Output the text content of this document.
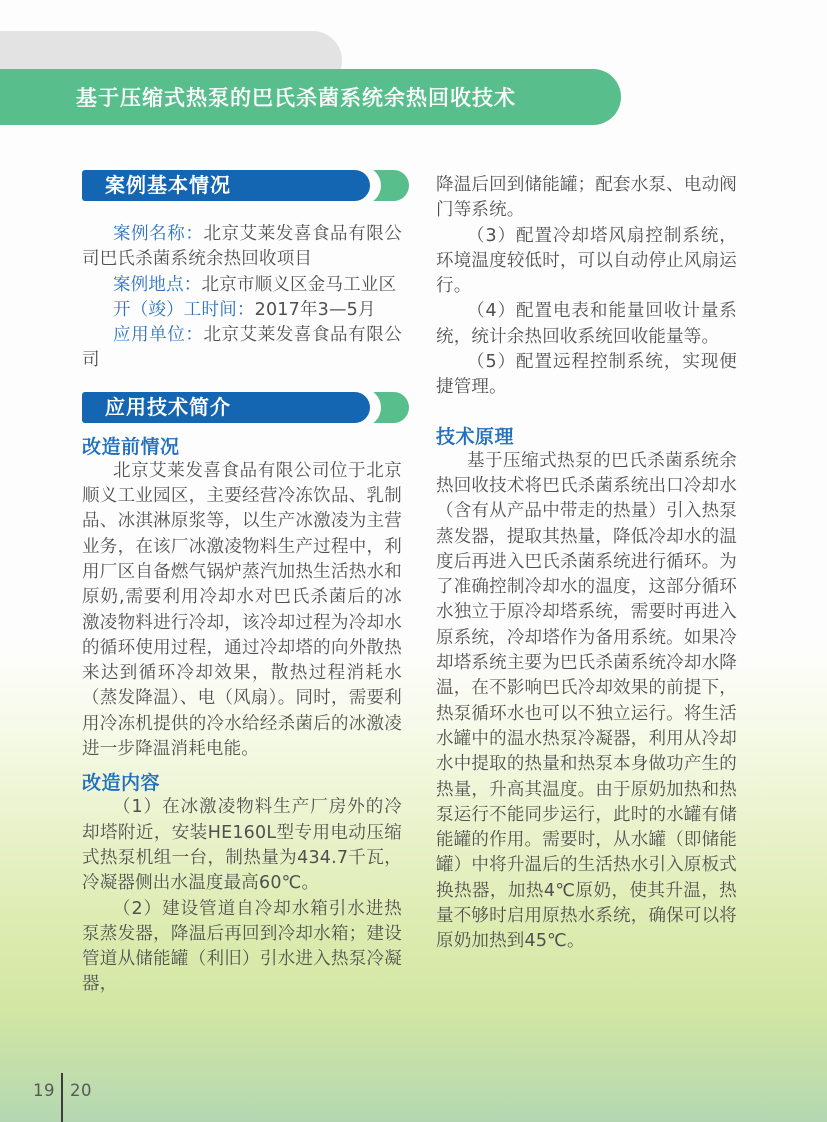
基于压缩式热泵的巴氏杀菌系统余热回收技术
案例基本情况

案例名称：北京艾莱发喜食品有限公司巴氏杀菌系统余热回收项目

案例地点：北京市顺义区金马工业区

开（竣）工时间：2017年3—5月

应用单位：北京艾莱发喜食品有限公司

应用技术简介
改造前情况

北京艾莱发喜食品有限公司位于北京顺义工业园区，主要经营冷冻饮品、乳制品、冰淇淋原浆等，以生产冰激凌为主营业务，在该厂冰激凌物料生产过程中，利用厂区自备燃气锅炉蒸汽加热生活热水和原奶,需要利用冷却水对巴氏杀菌后的冰激凌物料进行冷却，该冷却过程为冷却水的循环使用过程，通过冷却塔的向外散热来达到循环冷却效果，散热过程消耗水（蒸发降温）、电（风扇）。同时，需要利用冷冻机提供的冷水给经杀菌后的冰激凌进一步降温消耗电能。

改造内容

（1）在冰激凌物料生产厂房外的冷却塔附近，安装HE160L型专用电动压缩式热泵机组一台，制热量为434.7千瓦，冷凝器侧出水温度最高60℃。

（2）建设管道自冷却水箱引水进热泵蒸发器，降温后再回到冷却水箱；建设管道从储能罐（利旧）引水进入热泵冷凝器，

降温后回到储能罐；配套水泵、电动阀门等系统。

（3）配置冷却塔风扇控制系统，环境温度较低时，可以自动停止风扇运行。

（4）配置电表和能量回收计量系统，统计余热回收系统回收能量等。

（5）配置远程控制系统，实现便捷管理。

技术原理

基于压缩式热泵的巴氏杀菌系统余热回收技术将巴氏杀菌系统出口冷却水（含有从产品中带走的热量）引入热泵蒸发器，提取其热量，降低冷却水的温度后再进入巴氏杀菌系统进行循环。为了准确控制冷却水的温度，这部分循环水独立于原冷却塔系统，需要时再进入原系统，冷却塔作为备用系统。如果冷却塔系统主要为巴氏杀菌系统冷却水降温，在不影响巴氏冷却效果的前提下，热泵循环水也可以不独立运行。将生活水罐中的温水热泵冷凝器，利用从冷却水中提取的热量和热泵本身做功产生的热量，升高其温度。由于原奶加热和热泵运行不能同步运行，此时的水罐有储能罐的作用。需要时，从水罐（即储能罐）中将升温后的生活热水引入原板式换热器，加热4℃原奶，使其升温，热量不够时启用原热水系统，确保可以将原奶加热到45℃。

19 20
